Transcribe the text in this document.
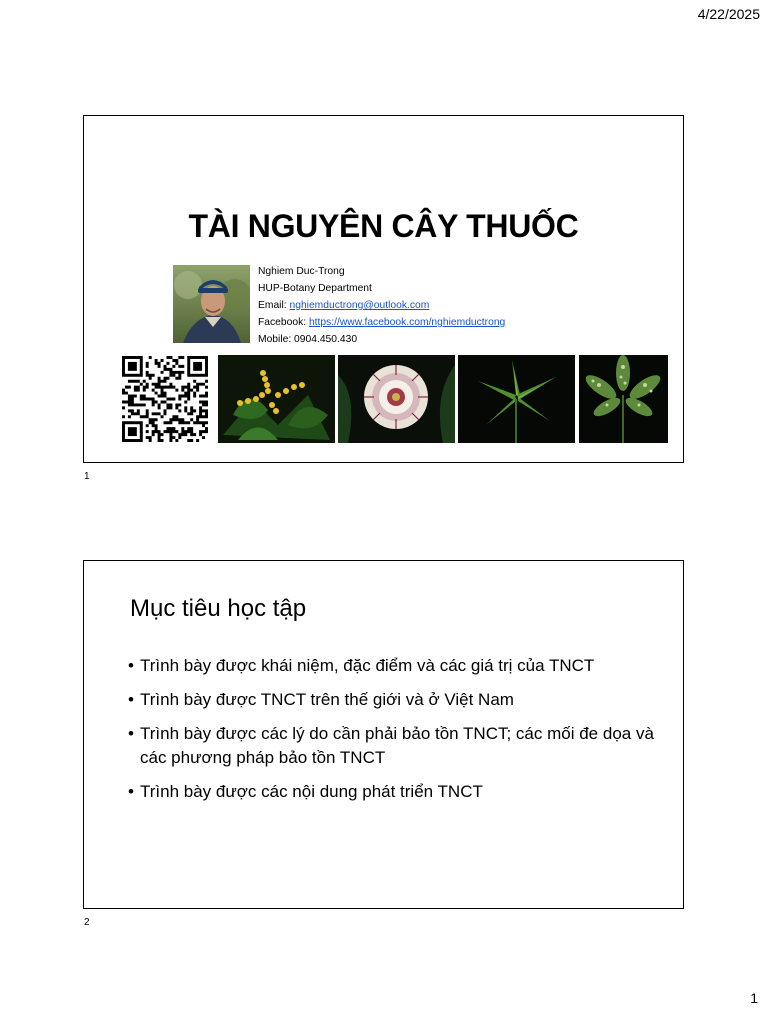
4/22/2025
TÀI NGUYÊN CÂY THUỐC
Nghiem Duc-Trong
HUP-Botany Department
Email: nghiemductrong@outlook.com
Facebook: https://www.facebook.com/nghiemductrong
Mobile: 0904.450.430
1
Mục tiêu học tập
• Trình bày được khái niệm, đặc điểm và các giá trị của TNCT
• Trình bày được TNCT trên thế giới và ở Việt Nam
• Trình bày được các lý do cần phải bảo tồn TNCT; các mối đe dọa và các phương pháp bảo tồn TNCT
• Trình bày được các nội dung phát triển TNCT
2
1
